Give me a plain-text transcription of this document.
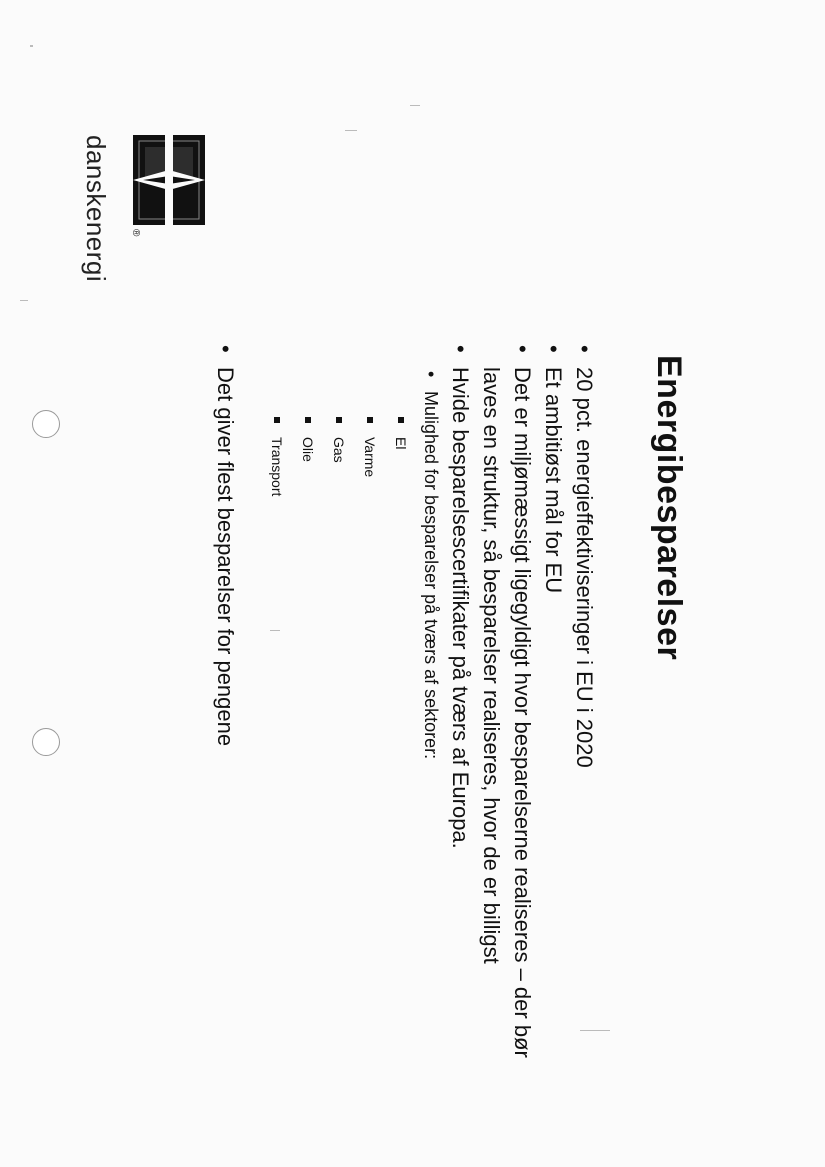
Energibesparelser
• 20 pct. energieffektiviseringer i EU i 2020
• Et ambitiøst mål for EU
• Det er miljømæssigt ligegyldigt hvor besparelserne realiseres – der bør laves en struktur, så besparelser realiseres, hvor de er billigst
• Hvide besparelsescertifikater på tværs af Europa.
• Mulighed for besparelser på tværs af sektorer:
El
Varme
Gas
Olie
Transport
• Det giver flest besparelser for pengene
®
danskenergi
